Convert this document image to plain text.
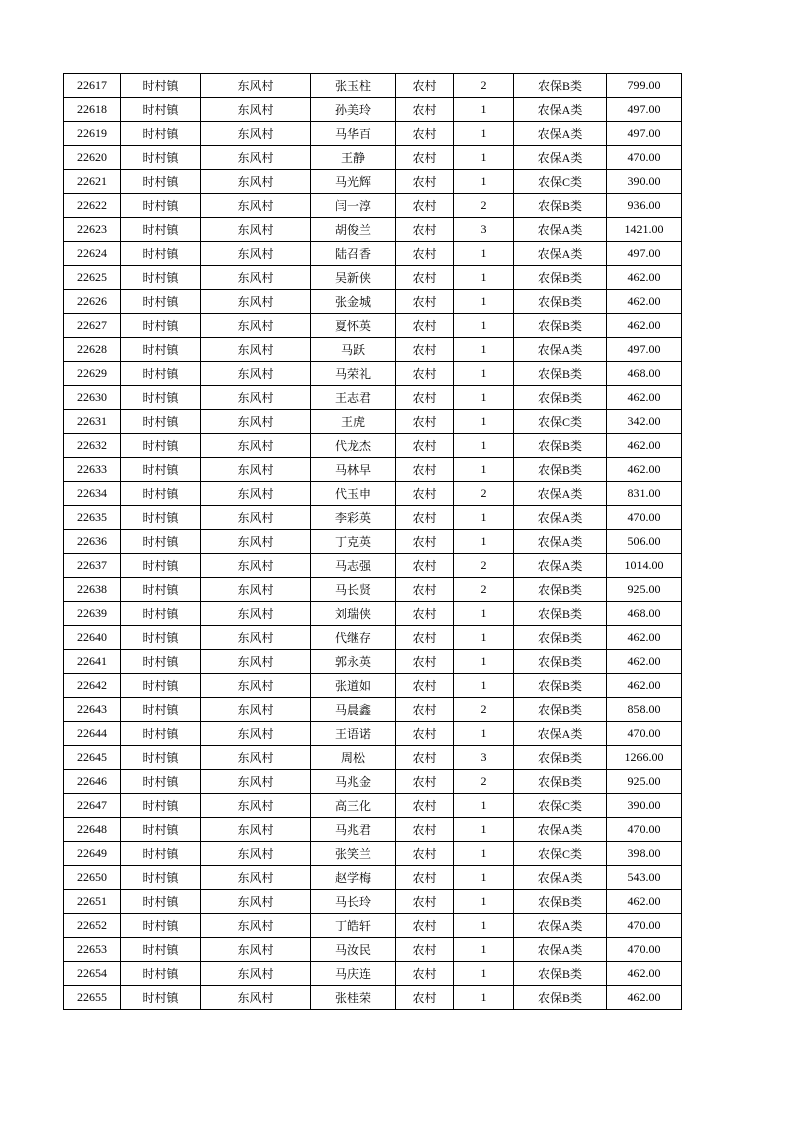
22617	时村镇	东风村	张玉柱	农村	2	农保B类	799.00
22618	时村镇	东风村	孙美玲	农村	1	农保A类	497.00
22619	时村镇	东风村	马华百	农村	1	农保A类	497.00
22620	时村镇	东风村	王静	农村	1	农保A类	470.00
22621	时村镇	东风村	马光辉	农村	1	农保C类	390.00
22622	时村镇	东风村	闫一淳	农村	2	农保B类	936.00
22623	时村镇	东风村	胡俊兰	农村	3	农保A类	1421.00
22624	时村镇	东风村	陆召香	农村	1	农保A类	497.00
22625	时村镇	东风村	吴新侠	农村	1	农保B类	462.00
22626	时村镇	东风村	张金城	农村	1	农保B类	462.00
22627	时村镇	东风村	夏怀英	农村	1	农保B类	462.00
22628	时村镇	东风村	马跃	农村	1	农保A类	497.00
22629	时村镇	东风村	马荣礼	农村	1	农保B类	468.00
22630	时村镇	东风村	王志君	农村	1	农保B类	462.00
22631	时村镇	东风村	王虎	农村	1	农保C类	342.00
22632	时村镇	东风村	代龙杰	农村	1	农保B类	462.00
22633	时村镇	东风村	马林早	农村	1	农保B类	462.00
22634	时村镇	东风村	代玉申	农村	2	农保A类	831.00
22635	时村镇	东风村	李彩英	农村	1	农保A类	470.00
22636	时村镇	东风村	丁克英	农村	1	农保A类	506.00
22637	时村镇	东风村	马志强	农村	2	农保A类	1014.00
22638	时村镇	东风村	马长贤	农村	2	农保B类	925.00
22639	时村镇	东风村	刘瑞侠	农村	1	农保B类	468.00
22640	时村镇	东风村	代继存	农村	1	农保B类	462.00
22641	时村镇	东风村	郭永英	农村	1	农保B类	462.00
22642	时村镇	东风村	张道如	农村	1	农保B类	462.00
22643	时村镇	东风村	马晨鑫	农村	2	农保B类	858.00
22644	时村镇	东风村	王语诺	农村	1	农保A类	470.00
22645	时村镇	东风村	周松	农村	3	农保B类	1266.00
22646	时村镇	东风村	马兆金	农村	2	农保B类	925.00
22647	时村镇	东风村	高三化	农村	1	农保C类	390.00
22648	时村镇	东风村	马兆君	农村	1	农保A类	470.00
22649	时村镇	东风村	张笑兰	农村	1	农保C类	398.00
22650	时村镇	东风村	赵学梅	农村	1	农保A类	543.00
22651	时村镇	东风村	马长玲	农村	1	农保B类	462.00
22652	时村镇	东风村	丁皓轩	农村	1	农保A类	470.00
22653	时村镇	东风村	马汝民	农村	1	农保A类	470.00
22654	时村镇	东风村	马庆连	农村	1	农保B类	462.00
22655	时村镇	东风村	张桂荣	农村	1	农保B类	462.00
